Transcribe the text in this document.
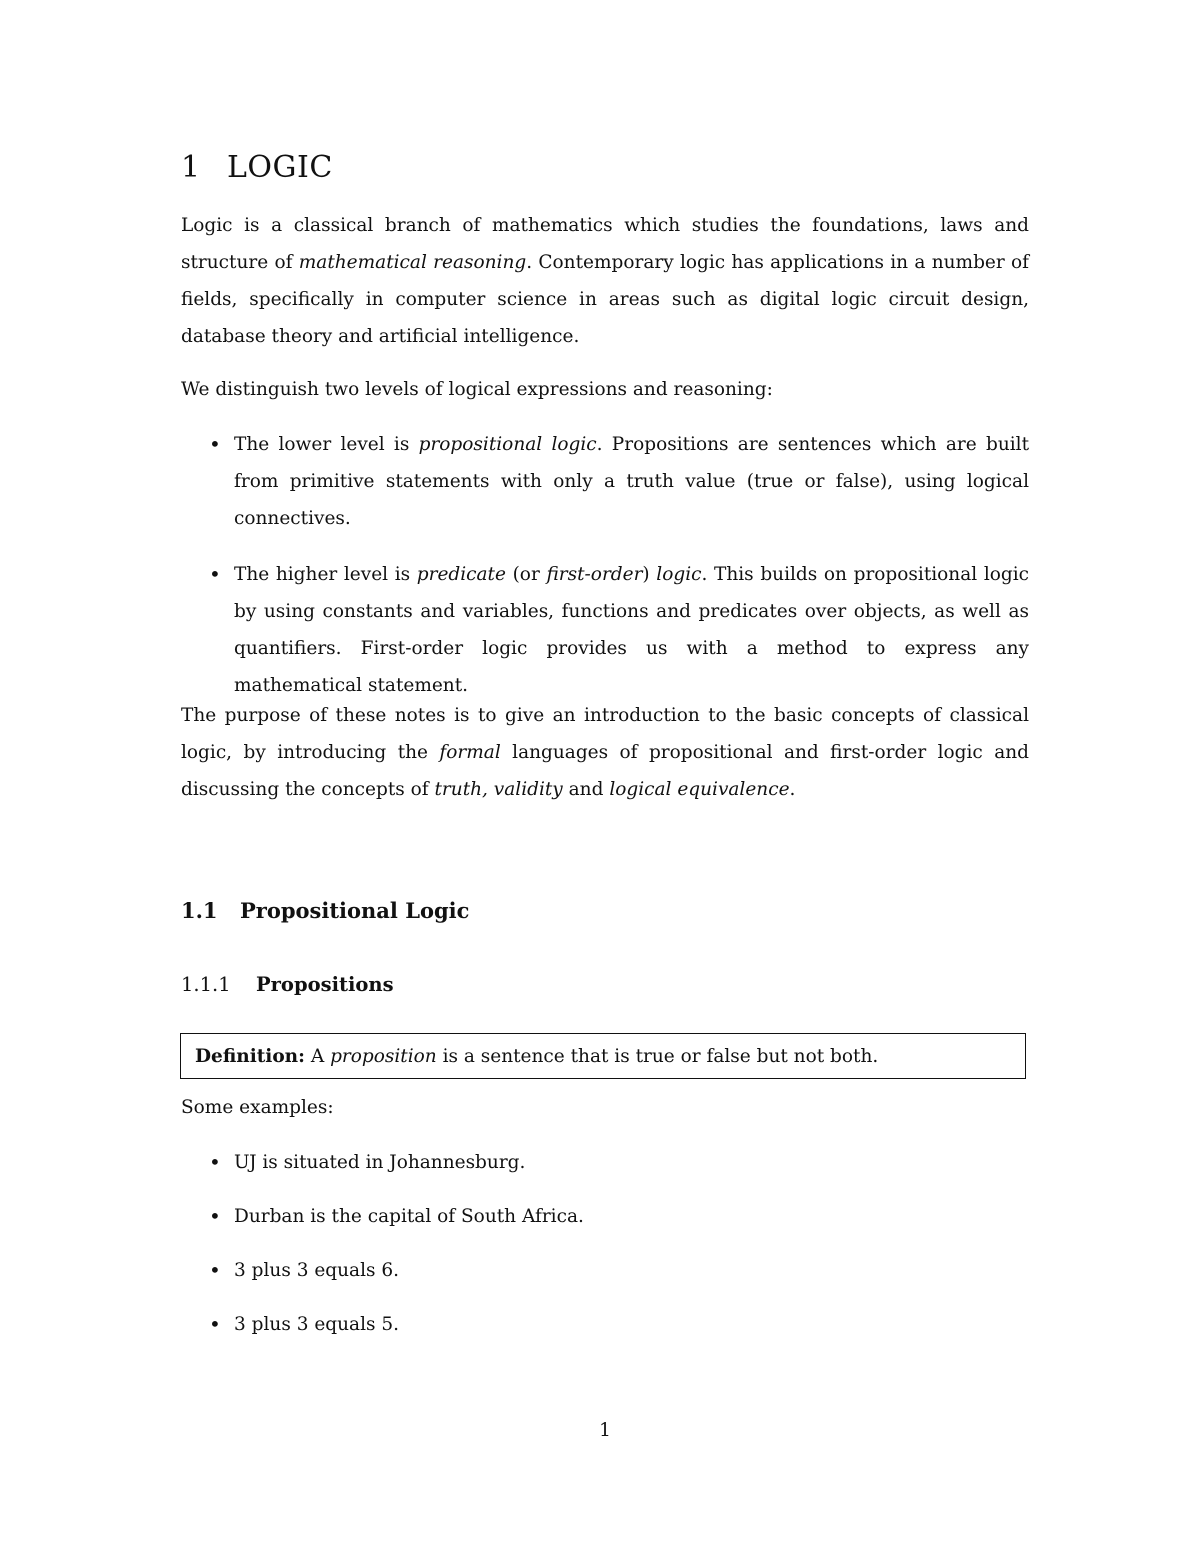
1 LOGIC

Logic is a classical branch of mathematics which studies the foundations, laws and structure of mathematical reasoning. Contemporary logic has applications in a number of fields, specifically in computer science in areas such as digital logic circuit design, database theory and artificial intelligence.

We distinguish two levels of logical expressions and reasoning:

• The lower level is propositional logic. Propositions are sentences which are built from primitive statements with only a truth value (true or false), using logical connectives.
• The higher level is predicate (or first-order) logic. This builds on propositional logic by using constants and variables, functions and predicates over objects, as well as quantifiers. First-order logic provides us with a method to express any mathematical statement.

The purpose of these notes is to give an introduction to the basic concepts of classical logic, by introducing the formal languages of propositional and first-order logic and discussing the concepts of truth, validity and logical equivalence.

1.1 Propositional Logic
1.1.1 Propositions

Definition: A proposition is a sentence that is true or false but not both.

Some examples:

• UJ is situated in Johannesburg.
• Durban is the capital of South Africa.
• 3 plus 3 equals 6.
• 3 plus 3 equals 5.
1
